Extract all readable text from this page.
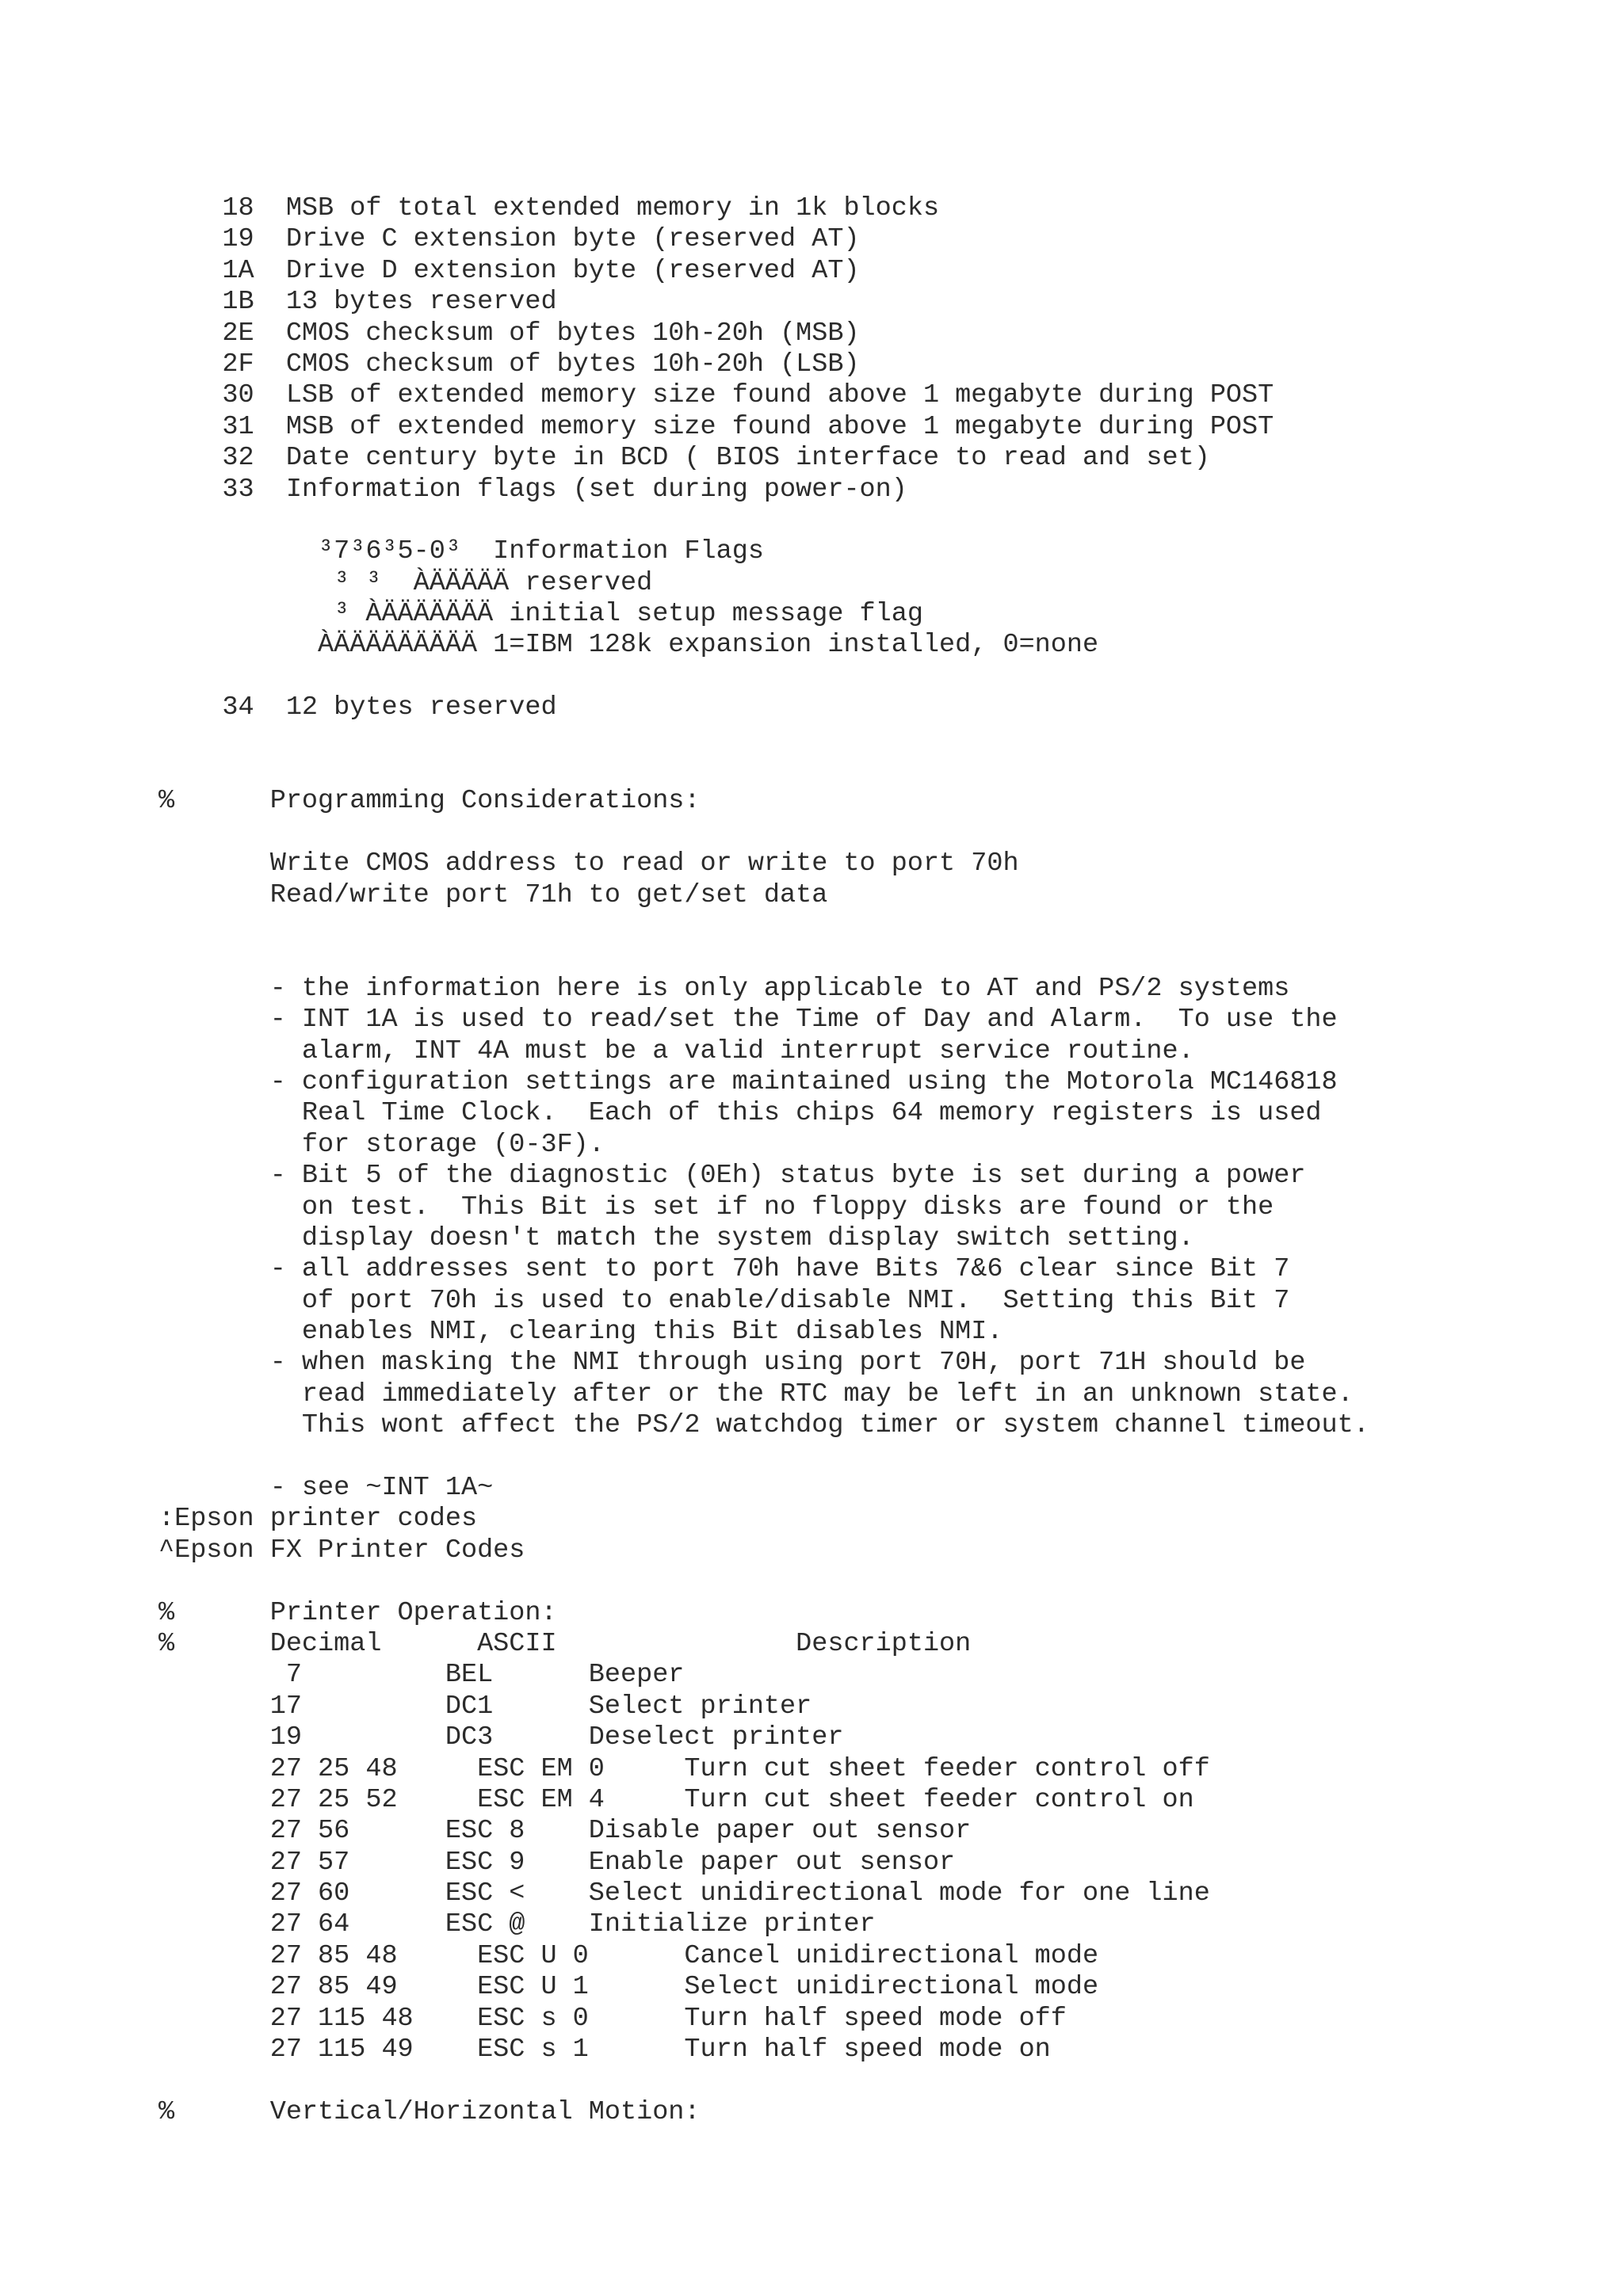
18  MSB of total extended memory in 1k blocks
19  Drive C extension byte (reserved AT)
1A  Drive D extension byte (reserved AT)
1B  13 bytes reserved
2E  CMOS checksum of bytes 10h-20h (MSB)
2F  CMOS checksum of bytes 10h-20h (LSB)
30  LSB of extended memory size found above 1 megabyte during POST
31  MSB of extended memory size found above 1 megabyte during POST
32  Date century byte in BCD ( BIOS interface to read and set)
33  Information flags (set during power-on)

³7³6³5-0³  Information Flags
³ ³  ÀÄÄÄÄÄ reserved
³ ÀÄÄÄÄÄÄÄ initial setup message flag
ÀÄÄÄÄÄÄÄÄÄ 1=IBM 128k expansion installed, 0=none

34  12 bytes reserved

%      Programming Considerations:

Write CMOS address to read or write to port 70h
Read/write port 71h to get/set data

- the information here is only applicable to AT and PS/2 systems
- INT 1A is used to read/set the Time of Day and Alarm.  To use the
alarm, INT 4A must be a valid interrupt service routine.
- configuration settings are maintained using the Motorola MC146818
Real Time Clock.  Each of this chips 64 memory registers is used
for storage (0-3F).
- Bit 5 of the diagnostic (0Eh) status byte is set during a power
on test.  This Bit is set if no floppy disks are found or the
display doesn't match the system display switch setting.
- all addresses sent to port 70h have Bits 7&6 clear since Bit 7
of port 70h is used to enable/disable NMI.  Setting this Bit 7
enables NMI, clearing this Bit disables NMI.
- when masking the NMI through using port 70H, port 71H should be
read immediately after or the RTC may be left in an unknown state.
This wont affect the PS/2 watchdog timer or system channel timeout.

- see ~INT 1A~
:Epson printer codes
^Epson FX Printer Codes

%      Printer Operation:
%      Decimal      ASCII               Description
7         BEL      Beeper
17         DC1      Select printer
19         DC3      Deselect printer
27 25 48     ESC EM 0     Turn cut sheet feeder control off
27 25 52     ESC EM 4     Turn cut sheet feeder control on
27 56      ESC 8    Disable paper out sensor
27 57      ESC 9    Enable paper out sensor
27 60      ESC <    Select unidirectional mode for one line
27 64      ESC @    Initialize printer
27 85 48     ESC U 0      Cancel unidirectional mode
27 85 49     ESC U 1      Select unidirectional mode
27 115 48    ESC s 0      Turn half speed mode off
27 115 49    ESC s 1      Turn half speed mode on

%      Vertical/Horizontal Motion:
